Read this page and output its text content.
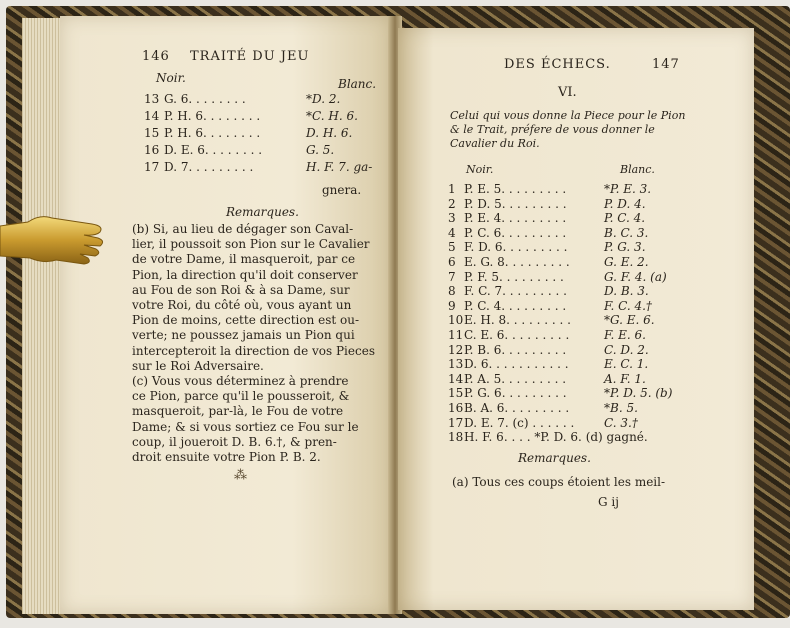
146 TRAITÉ DU JEU
Noir.	Blanc.
13 G. 6. . . . . . . .	*D. 2.
14 P. H. 6. . . . . . . .	*C. H. 6.
15 P. H. 6. . . . . . . .	D. H. 6.
16 D. E. 6. . . . . . . .	G. 5.
17 D. 7. . . . . . . . .	H. F. 7. ga-
gnera.
Remarques.
(b) Si, au lieu de dégager son Caval-
lier, il poussoit son Pion sur le Cavalier
de votre Dame, il masqueroit, par ce
Pion, la direction qu'il doit conserver
au Fou de son Roi & à sa Dame, sur
votre Roi, du côté où, vous ayant un
Pion de moins, cette direction est ou-
verte; ne poussez jamais un Pion qui
intercepteroit la direction de vos Pieces
sur le Roi Adversaire.
(c) Vous vous déterminez à prendre
ce Pion, parce qu'il le pousseroit, &
masqueroit, par-là, le Fou de votre
Dame; & si vous sortiez ce Fou sur le
coup, il joueroit D. B. 6.†, & pren-
droit ensuite votre Pion P. B. 2.
⁂
DES ÉCHECS.	147
VI.
Celui qui vous donne la Piece pour le Pion
& le Trait, préfere de vous donner le
Cavalier du Roi.
Noir.	Blanc.
1 P. E. 5. . . . . . . . .	*P. E. 3.
2 P. D. 5. . . . . . . . .	P. D. 4.
3 P. E. 4. . . . . . . . .	P. C. 4.
4 P. C. 6. . . . . . . . .	B. C. 3.
5 F. D. 6. . . . . . . . .	P. G. 3.
6 E. G. 8. . . . . . . . .	G. E. 2.
7 P. F. 5. . . . . . . . .	G. F. 4. (a)
8 F. C. 7. . . . . . . . .	D. B. 3.
9 P. C. 4. . . . . . . . .	F. C. 4.†
10 E. H. 8. . . . . . . . .	*G. E. 6.
11 C. E. 6. . . . . . . . .	F. E. 6.
12 P. B. 6. . . . . . . . .	C. D. 2.
13 D. 6. . . . . . . . . . .	E. C. 1.
14 P. A. 5. . . . . . . . .	A. F. 1.
15 P. G. 6. . . . . . . . .	*P. D. 5. (b)
16 B. A. 6. . . . . . . . .	*B. 5.
17 D. E. 7. (c) . . . . . . C. 3.†
18 H. F. 6. . . . *P. D. 6. (d) gagné.
Remarques.
(a) Tous ces coups étoient les meil-
G ij
